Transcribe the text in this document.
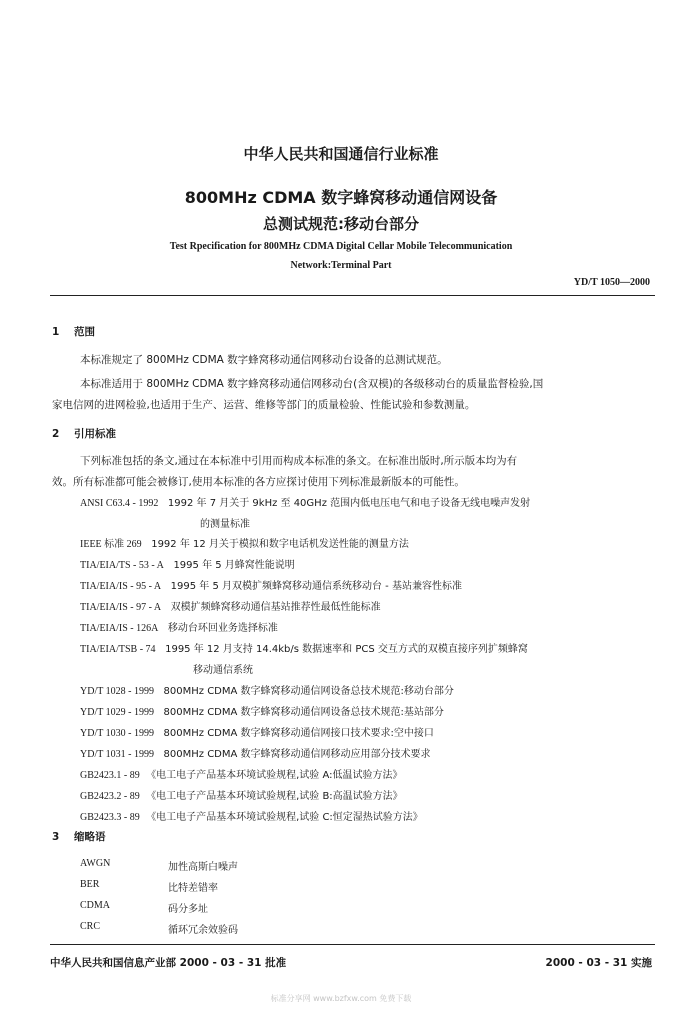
中华人民共和国通信行业标准
800MHz CDMA 数字蜂窝移动通信网设备
总测试规范:移动台部分
Test Rpecification for 800MHz CDMA Digital Cellar Mobile Telecommunication
Network:Terminal Part
YD/T 1050—2000
1 范围
本标准规定了 800MHz CDMA 数字蜂窝移动通信网移动台设备的总测试规范。
本标准适用于 800MHz CDMA 数字蜂窝移动通信网移动台(含双模)的各级移动台的质量监督检验,国
家电信网的进网检验,也适用于生产、运营、维修等部门的质量检验、性能试验和参数测量。
2 引用标准
下列标准包括的条文,通过在本标准中引用而构成本标准的条文。在标准出版时,所示版本均为有
效。所有标准都可能会被修订,使用本标准的各方应探讨使用下列标准最新版本的可能性。
ANSI C63.4 - 1992 1992 年 7 月关于 9kHz 至 40GHz 范围内低电压电气和电子设备无线电噪声发射
的测量标准
IEEE 标准 269 1992 年 12 月关于模拟和数字电话机发送性能的测量方法
TIA/EIA/TS - 53 - A 1995 年 5 月蜂窝性能说明
TIA/EIA/IS - 95 - A 1995 年 5 月双模扩频蜂窝移动通信系统移动台 - 基站兼容性标准
TIA/EIA/IS - 97 - A 双模扩频蜂窝移动通信基站推荐性最低性能标准
TIA/EIA/IS - 126A 移动台环回业务选择标准
TIA/EIA/TSB - 74 1995 年 12 月支持 14.4kb/s 数据速率和 PCS 交互方式的双模直接序列扩频蜂窝
移动通信系统
YD/T 1028 - 1999 800MHz CDMA 数字蜂窝移动通信网设备总技术规范:移动台部分
YD/T 1029 - 1999 800MHz CDMA 数字蜂窝移动通信网设备总技术规范:基站部分
YD/T 1030 - 1999 800MHz CDMA 数字蜂窝移动通信网接口技术要求:空中接口
YD/T 1031 - 1999 800MHz CDMA 数字蜂窝移动通信网移动应用部分技术要求
GB2423.1 - 89 《电工电子产品基本环境试验规程,试验 A:低温试验方法》
GB2423.2 - 89 《电工电子产品基本环境试验规程,试验 B:高温试验方法》
GB2423.3 - 89 《电工电子产品基本环境试验规程,试验 C:恒定湿热试验方法》
3 缩略语
AWGN	加性高斯白噪声
BER	比特差错率
CDMA	码分多址
CRC	循环冗余效验码
中华人民共和国信息产业部 2000 - 03 - 31 批准	2000 - 03 - 31 实施
标准分享网 www.bzfxw.com 免费下载
